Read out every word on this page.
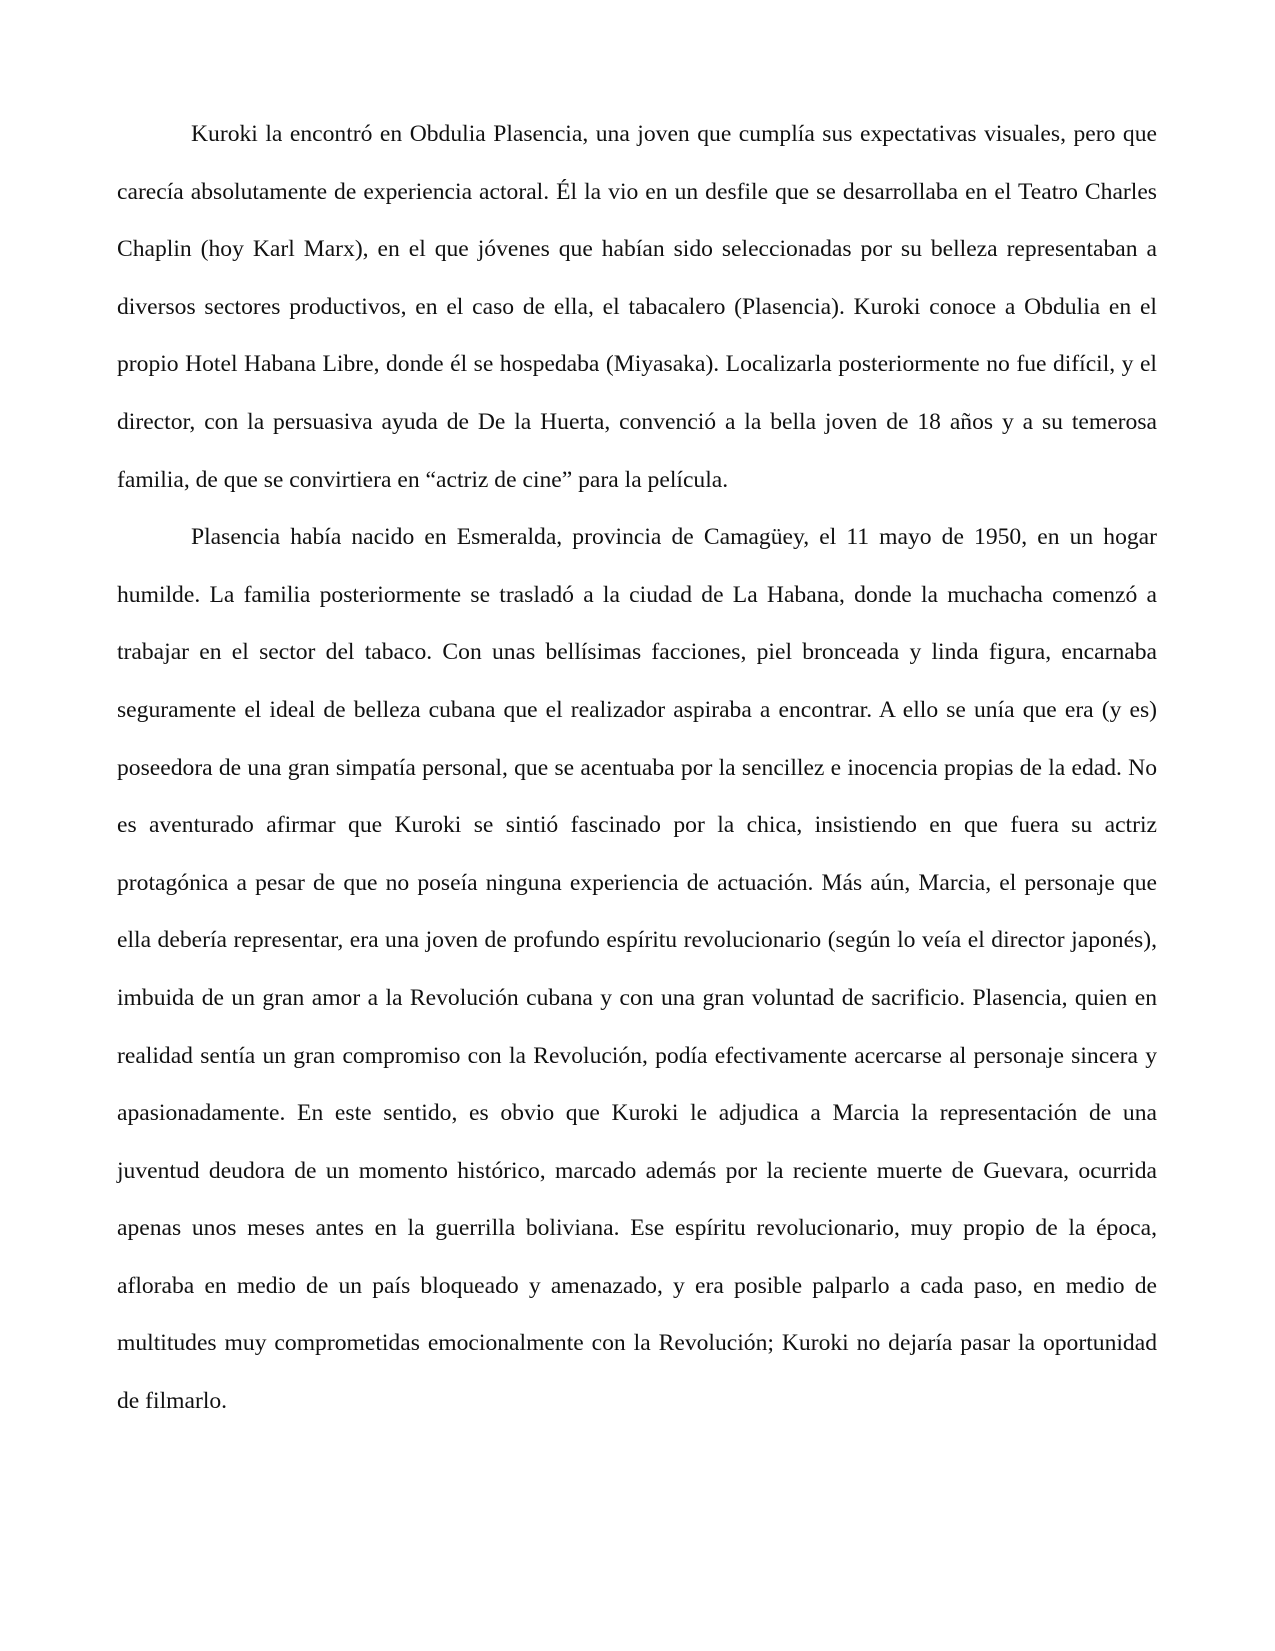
Kuroki la encontró en Obdulia Plasencia, una joven que cumplía sus expectativas visuales, pero que carecía absolutamente de experiencia actoral. Él la vio en un desfile que se desarrollaba en el Teatro Charles Chaplin (hoy Karl Marx), en el que jóvenes que habían sido seleccionadas por su belleza representaban a diversos sectores productivos, en el caso de ella, el tabacalero (Plasencia). Kuroki conoce a Obdulia en el propio Hotel Habana Libre, donde él se hospedaba (Miyasaka). Localizarla posteriormente no fue difícil, y el director, con la persuasiva ayuda de De la Huerta, convenció a la bella joven de 18 años y a su temerosa familia, de que se convirtiera en “actriz de cine” para la película.

Plasencia había nacido en Esmeralda, provincia de Camagüey, el 11 mayo de 1950, en un hogar humilde. La familia posteriormente se trasladó a la ciudad de La Habana, donde la muchacha comenzó a trabajar en el sector del tabaco. Con unas bellísimas facciones, piel bronceada y linda figura, encarnaba seguramente el ideal de belleza cubana que el realizador aspiraba a encontrar. A ello se unía que era (y es) poseedora de una gran simpatía personal, que se acentuaba por la sencillez e inocencia propias de la edad. No es aventurado afirmar que Kuroki se sintió fascinado por la chica, insistiendo en que fuera su actriz protagónica a pesar de que no poseía ninguna experiencia de actuación. Más aún, Marcia, el personaje que ella debería representar, era una joven de profundo espíritu revolucionario (según lo veía el director japonés), imbuida de un gran amor a la Revolución cubana y con una gran voluntad de sacrificio. Plasencia, quien en realidad sentía un gran compromiso con la Revolución, podía efectivamente acercarse al personaje sincera y apasionadamente. En este sentido, es obvio que Kuroki le adjudica a Marcia la representación de una juventud deudora de un momento histórico, marcado además por la reciente muerte de Guevara, ocurrida apenas unos meses antes en la guerrilla boliviana. Ese espíritu revolucionario, muy propio de la época, afloraba en medio de un país bloqueado y amenazado, y era posible palparlo a cada paso, en medio de multitudes muy comprometidas emocionalmente con la Revolución; Kuroki no dejaría pasar la oportunidad de filmarlo.
